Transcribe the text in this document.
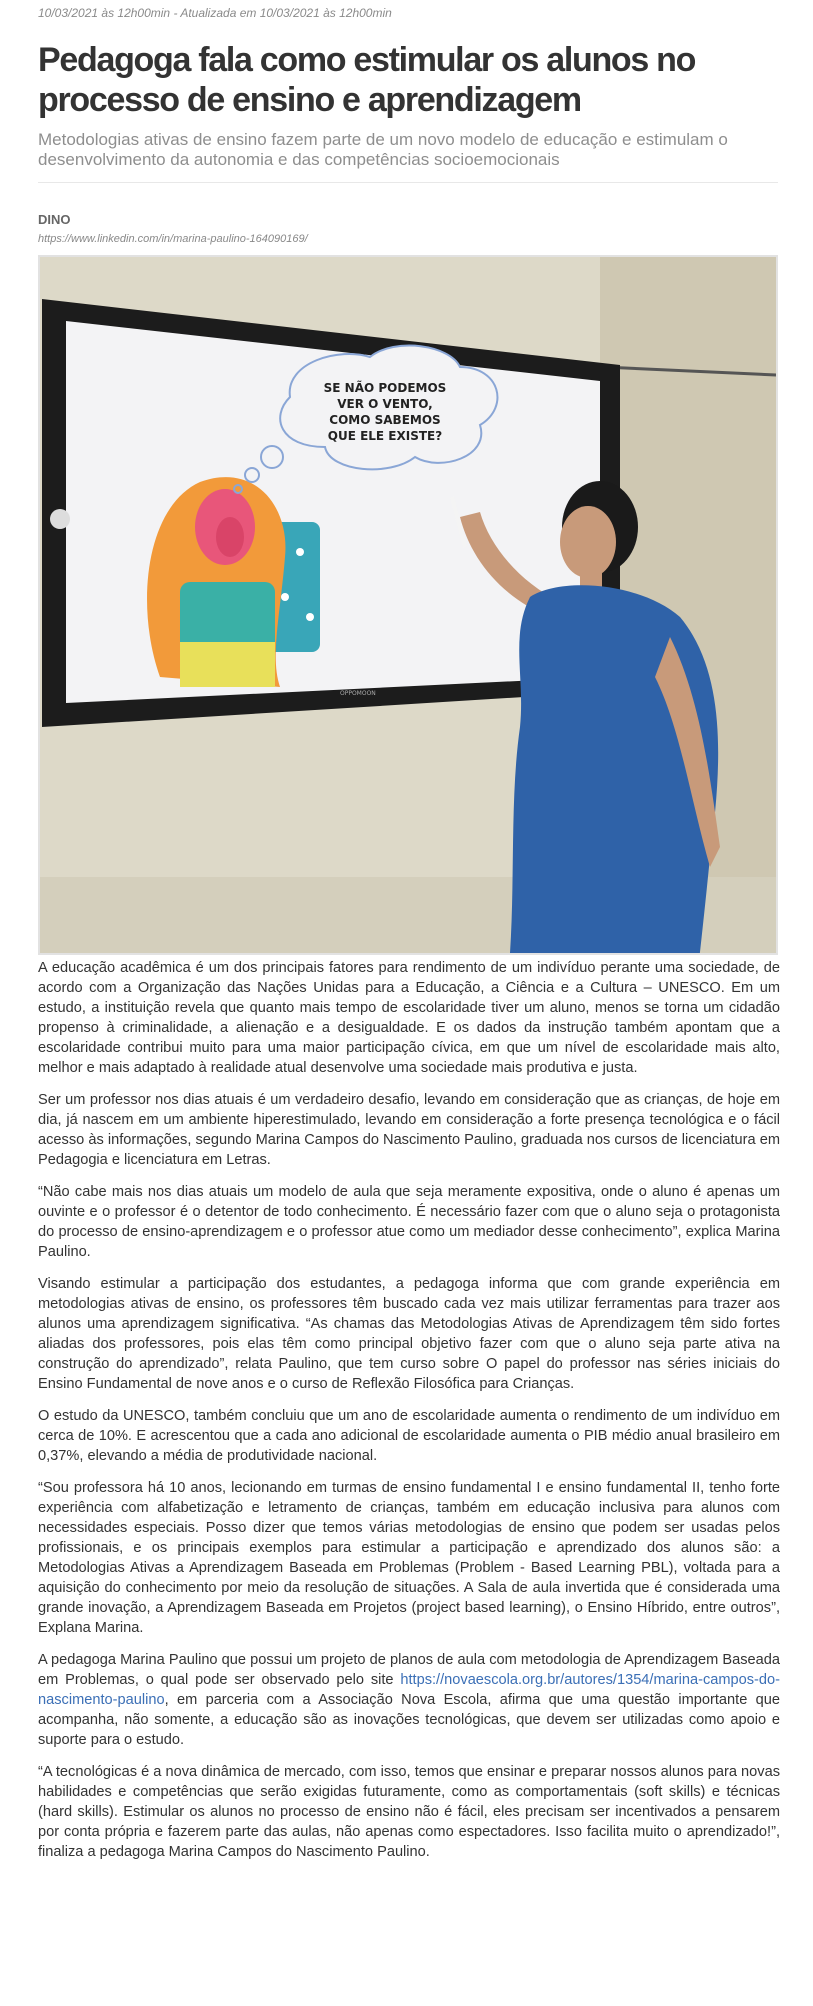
10/03/2021 às 12h00min - Atualizada em 10/03/2021 às 12h00min
Pedagoga fala como estimular os alunos no processo de ensino e aprendizagem

Metodologias ativas de ensino fazem parte de um novo modelo de educação e estimulam o desenvolvimento da autonomia e das competências socioemocionais

DINO
https://www.linkedin.com/in/marina-paulino-164090169/
OPPOMOON
SE NÃO PODEMOS
VER O VENTO,
COMO SABEMOS
QUE ELE EXISTE?

A educação acadêmica é um dos principais fatores para rendimento de um indivíduo perante uma sociedade, de acordo com a Organização das Nações Unidas para a Educação, a Ciência e a Cultura – UNESCO. Em um estudo, a instituição revela que quanto mais tempo de escolaridade tiver um aluno, menos se torna um cidadão propenso à criminalidade, a alienação e a desigualdade. E os dados da instrução também apontam que a escolaridade contribui muito para uma maior participação cívica, em que um nível de escolaridade mais alto, melhor e mais adaptado à realidade atual desenvolve uma sociedade mais produtiva e justa.

Ser um professor nos dias atuais é um verdadeiro desafio, levando em consideração que as crianças, de hoje em dia, já nascem em um ambiente hiperestimulado, levando em consideração a forte presença tecnológica e o fácil acesso às informações, segundo Marina Campos do Nascimento Paulino, graduada nos cursos de licenciatura em Pedagogia e licenciatura em Letras.

“Não cabe mais nos dias atuais um modelo de aula que seja meramente expositiva, onde o aluno é apenas um ouvinte e o professor é o detentor de todo conhecimento. É necessário fazer com que o aluno seja o protagonista do processo de ensino-aprendizagem e o professor atue como um mediador desse conhecimento”, explica Marina Paulino.

Visando estimular a participação dos estudantes, a pedagoga informa que com grande experiência em metodologias ativas de ensino, os professores têm buscado cada vez mais utilizar ferramentas para trazer aos alunos uma aprendizagem significativa. “As chamas das Metodologias Ativas de Aprendizagem têm sido fortes aliadas dos professores, pois elas têm como principal objetivo fazer com que o aluno seja parte ativa na construção do aprendizado”, relata Paulino, que tem curso sobre O papel do professor nas séries iniciais do Ensino Fundamental de nove anos e o curso de Reflexão Filosófica para Crianças.

O estudo da UNESCO, também concluiu que um ano de escolaridade aumenta o rendimento de um indivíduo em cerca de 10%. E acrescentou que a cada ano adicional de escolaridade aumenta o PIB médio anual brasileiro em 0,37%, elevando a média de produtividade nacional.

“Sou professora há 10 anos, lecionando em turmas de ensino fundamental I e ensino fundamental II, tenho forte experiência com alfabetização e letramento de crianças, também em educação inclusiva para alunos com necessidades especiais. Posso dizer que temos várias metodologias de ensino que podem ser usadas pelos profissionais, e os principais exemplos para estimular a participação e aprendizado dos alunos são: a Metodologias Ativas a Aprendizagem Baseada em Problemas (Problem - Based Learning PBL), voltada para a aquisição do conhecimento por meio da resolução de situações. A Sala de aula invertida que é considerada uma grande inovação, a Aprendizagem Baseada em Projetos (project based learning), o Ensino Híbrido, entre outros”, Explana Marina.

A pedagoga Marina Paulino que possui um projeto de planos de aula com metodologia de Aprendizagem Baseada em Problemas, o qual pode ser observado pelo site https://novaescola.org.br/autores/1354/marina-campos-do-nascimento-paulino, em parceria com a Associação Nova Escola, afirma que uma questão importante que acompanha, não somente, a educação são as inovações tecnológicas, que devem ser utilizadas como apoio e suporte para o estudo.

“A tecnológicas é a nova dinâmica de mercado, com isso, temos que ensinar e preparar nossos alunos para novas habilidades e competências que serão exigidas futuramente, como as comportamentais (soft skills) e técnicas (hard skills). Estimular os alunos no processo de ensino não é fácil, eles precisam ser incentivados a pensarem por conta própria e fazerem parte das aulas, não apenas como espectadores. Isso facilita muito o aprendizado!”, finaliza a pedagoga Marina Campos do Nascimento Paulino.
